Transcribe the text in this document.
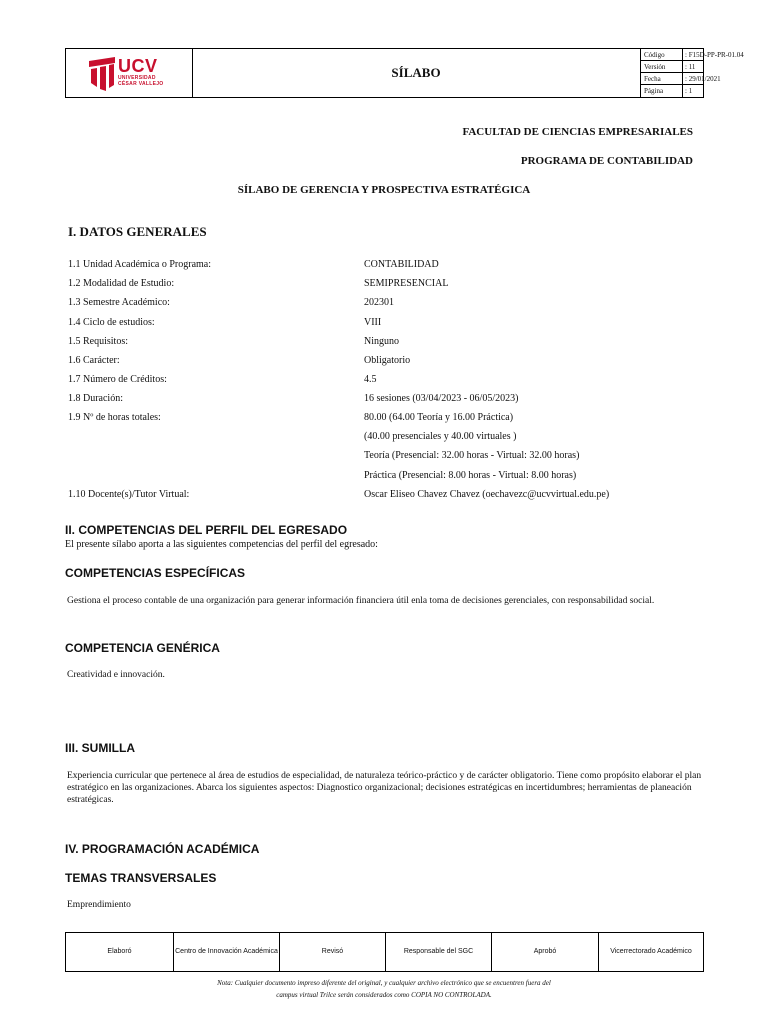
UCV
UNIVERSIDAD
CÉSAR VALLEJO
SÍLABO
Código	: F15D-PP-PR-01.04
Versión	: 11
Fecha	: 29/01/2021
Página	: 1
FACULTAD DE CIENCIAS EMPRESARIALES
PROGRAMA DE CONTABILIDAD
SÍLABO DE GERENCIA Y PROSPECTIVA ESTRATÉGICA
I. DATOS GENERALES
1.1 Unidad Académica o Programa:	CONTABILIDAD
1.2 Modalidad de Estudio:	SEMIPRESENCIAL
1.3 Semestre Académico:	202301
1.4 Ciclo de estudios:	VIII
1.5 Requisitos:	Ninguno
1.6 Carácter:	Obligatorio
1.7 Número de Créditos:	4.5
1.8 Duración:	16 sesiones (03/04/2023 - 06/05/2023)
1.9 Nº de horas totales:	80.00 (64.00 Teoría y 16.00 Práctica)
(40.00 presenciales y 40.00 virtuales )
Teoría (Presencial: 32.00 horas - Virtual: 32.00 horas)
Práctica (Presencial: 8.00 horas - Virtual: 8.00 horas)
1.10 Docente(s)/Tutor Virtual:	Oscar Eliseo Chavez Chavez (oechavezc@ucvvirtual.edu.pe)
II. COMPETENCIAS DEL PERFIL DEL EGRESADO
El presente sílabo aporta a las siguientes competencias del perfil del egresado:
COMPETENCIAS ESPECÍFICAS
Gestiona el proceso contable de una organización para generar información financiera útil enla toma de decisiones gerenciales, con responsabilidad social.
COMPETENCIA GENÉRICA
Creatividad e innovación.
III. SUMILLA
Experiencia curricular que pertenece al área de estudios de especialidad, de naturaleza teórico-práctico y de carácter obligatorio. Tiene como propósito elaborar el plan estratégico en las organizaciones. Abarca los siguientes aspectos: Diagnostico organizacional; decisiones estratégicas en incertidumbres; herramientas de planeación estratégicas.
IV. PROGRAMACIÓN ACADÉMICA
TEMAS TRANSVERSALES
Emprendimiento
Elaboró	Centro de Innovación Académica	Revisó	Responsable del SGC	Aprobó	Vicerrectorado Académico
Nota: Cualquier documento impreso diferente del original, y cualquier archivo electrónico que se encuentren fuera del
campus virtual Trilce serán considerados como COPIA NO CONTROLADA.
